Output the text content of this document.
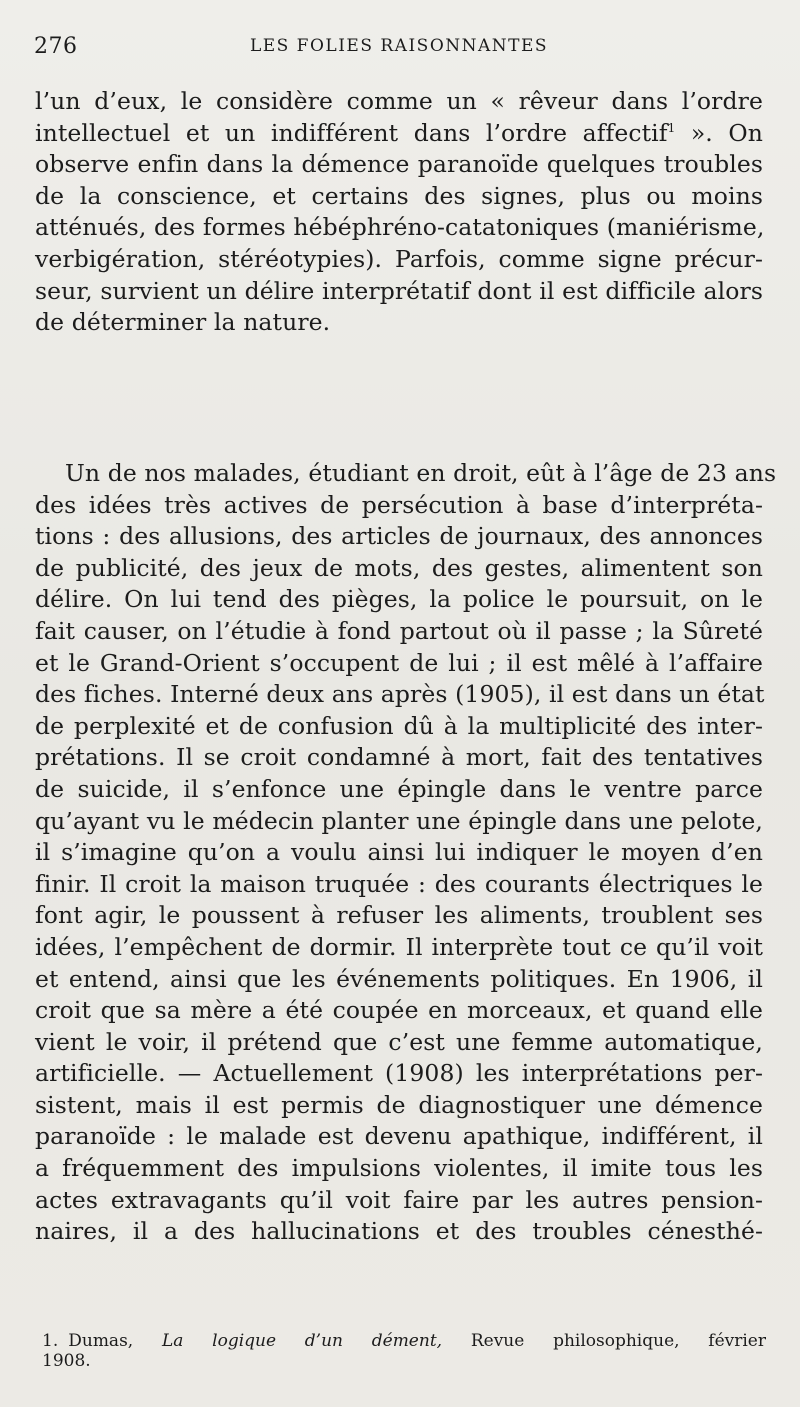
276	LES FOLIES RAISONNANTES
l’un d’eux, le considère comme un « rêveur dans l’ordre
intellectuel et un indifférent dans l’ordre affectif$^1$ ». On
observe enfin dans la démence paranoïde quelques troubles
de la conscience, et certains des signes, plus ou moins
atténués, des formes hébéphréno-catatoniques (maniérisme,
verbigération, stéréotypies). Parfois, comme signe précur-
seur, survient un délire interprétatif dont il est difficile alors
de déterminer la nature.
Un de nos malades, étudiant en droit, eût à l’âge de 23 ans
des idées très actives de persécution à base d’interpréta-
tions : des allusions, des articles de journaux, des annonces
de publicité, des jeux de mots, des gestes, alimentent son
délire. On lui tend des pièges, la police le poursuit, on le
fait causer, on l’étudie à fond partout où il passe ; la Sûreté
et le Grand-Orient s’occupent de lui ; il est mêlé à l’affaire
des fiches. Interné deux ans après (1905), il est dans un état
de perplexité et de confusion dû à la multiplicité des inter-
prétations. Il se croit condamné à mort, fait des tentatives
de suicide, il s’enfonce une épingle dans le ventre parce
qu’ayant vu le médecin planter une épingle dans une pelote,
il s’imagine qu’on a voulu ainsi lui indiquer le moyen d’en
finir. Il croit la maison truquée : des courants électriques le
font agir, le poussent à refuser les aliments, troublent ses
idées, l’empêchent de dormir. Il interprète tout ce qu’il voit
et entend, ainsi que les événements politiques. En 1906, il
croit que sa mère a été coupée en morceaux, et quand elle
vient le voir, il prétend que c’est une femme automatique,
artificielle. — Actuellement (1908) les interprétations per-
sistent, mais il est permis de diagnostiquer une démence
paranoïde : le malade est devenu apathique, indifférent, il
a fréquemment des impulsions violentes, il imite tous les
actes extravagants qu’il voit faire par les autres pension-
naires, il a des hallucinations et des troubles cénesthé-
1. Dumas, La logique d’un dément, Revue philosophique, février
1908.
